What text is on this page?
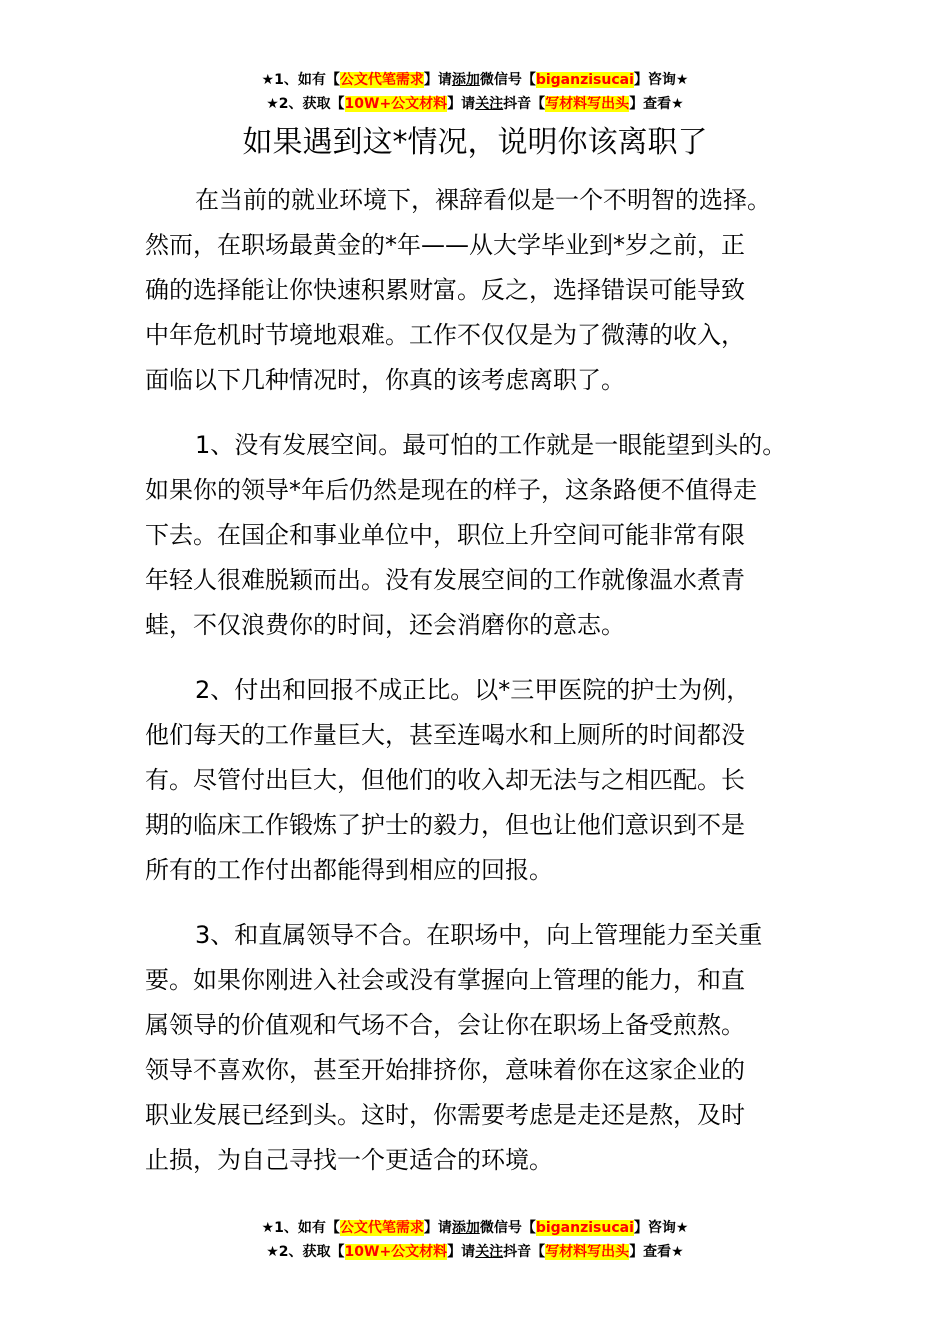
★1、如有【公文代笔需求】请添加微信号【biganzisucai】咨询★
★2、获取【10W+公文材料】请关注抖音【写材料写出头】查看★
如果遇到这*情况，说明你该离职了
在当前的就业环境下，裸辞看似是一个不明智的选择。
然而，在职场最黄金的*年——从大学毕业到*岁之前，正
确的选择能让你快速积累财富。反之，选择错误可能导致
中年危机时节境地艰难。工作不仅仅是为了微薄的收入，
面临以下几种情况时，你真的该考虑离职了。
1、没有发展空间。最可怕的工作就是一眼能望到头的。
如果你的领导*年后仍然是现在的样子，这条路便不值得走
下去。在国企和事业单位中，职位上升空间可能非常有限
年轻人很难脱颖而出。没有发展空间的工作就像温水煮青
蛙，不仅浪费你的时间，还会消磨你的意志。
2、付出和回报不成正比。以*三甲医院的护士为例，
他们每天的工作量巨大，甚至连喝水和上厕所的时间都没
有。尽管付出巨大，但他们的收入却无法与之相匹配。长
期的临床工作锻炼了护士的毅力，但也让他们意识到不是
所有的工作付出都能得到相应的回报。
3、和直属领导不合。在职场中，向上管理能力至关重
要。如果你刚进入社会或没有掌握向上管理的能力，和直
属领导的价值观和气场不合，会让你在职场上备受煎熬。
领导不喜欢你，甚至开始排挤你，意味着你在这家企业的
职业发展已经到头。这时，你需要考虑是走还是熬，及时
止损，为自己寻找一个更适合的环境。
★1、如有【公文代笔需求】请添加微信号【biganzisucai】咨询★
★2、获取【10W+公文材料】请关注抖音【写材料写出头】查看★
